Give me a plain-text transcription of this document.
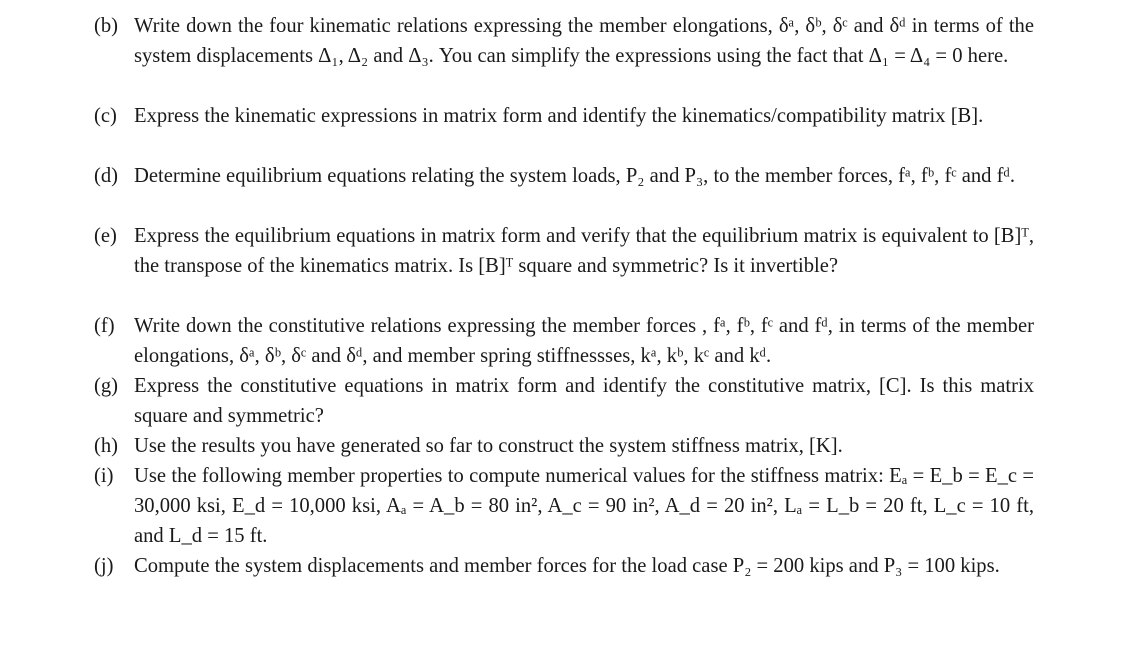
(b) Write down the four kinematic relations expressing the member elongations, δᵃ, δᵇ, δᶜ and δᵈ in terms of the system displacements Δ₁, Δ₂ and Δ₃. You can simplify the expressions using the fact that Δ₁ = Δ₄ = 0 here.
(c) Express the kinematic expressions in matrix form and identify the kinematics/compatibility matrix [B].
(d) Determine equilibrium equations relating the system loads, P₂ and P₃, to the member forces, fᵃ, fᵇ, fᶜ and fᵈ.
(e) Express the equilibrium equations in matrix form and verify that the equilibrium matrix is equivalent to [B]ᵀ, the transpose of the kinematics matrix. Is [B]ᵀ square and symmetric? Is it invertible?
(f) Write down the constitutive relations expressing the member forces , fᵃ, fᵇ, fᶜ and fᵈ, in terms of the member elongations, δᵃ, δᵇ, δᶜ and δᵈ, and member spring stiffnessses, kᵃ, kᵇ, kᶜ and kᵈ.
(g) Express the constitutive equations in matrix form and identify the constitutive matrix, [C]. Is this matrix square and symmetric?
(h) Use the results you have generated so far to construct the system stiffness matrix, [K].
(i) Use the following member properties to compute numerical values for the stiffness matrix: Eₐ = E_b = E_c = 30,000 ksi, E_d = 10,000 ksi, Aₐ = A_b = 80 in², A_c = 90 in², A_d = 20 in², Lₐ = L_b = 20 ft, L_c = 10 ft, and L_d = 15 ft.
(j) Compute the system displacements and member forces for the load case P₂ = 200 kips and P₃ = 100 kips.
